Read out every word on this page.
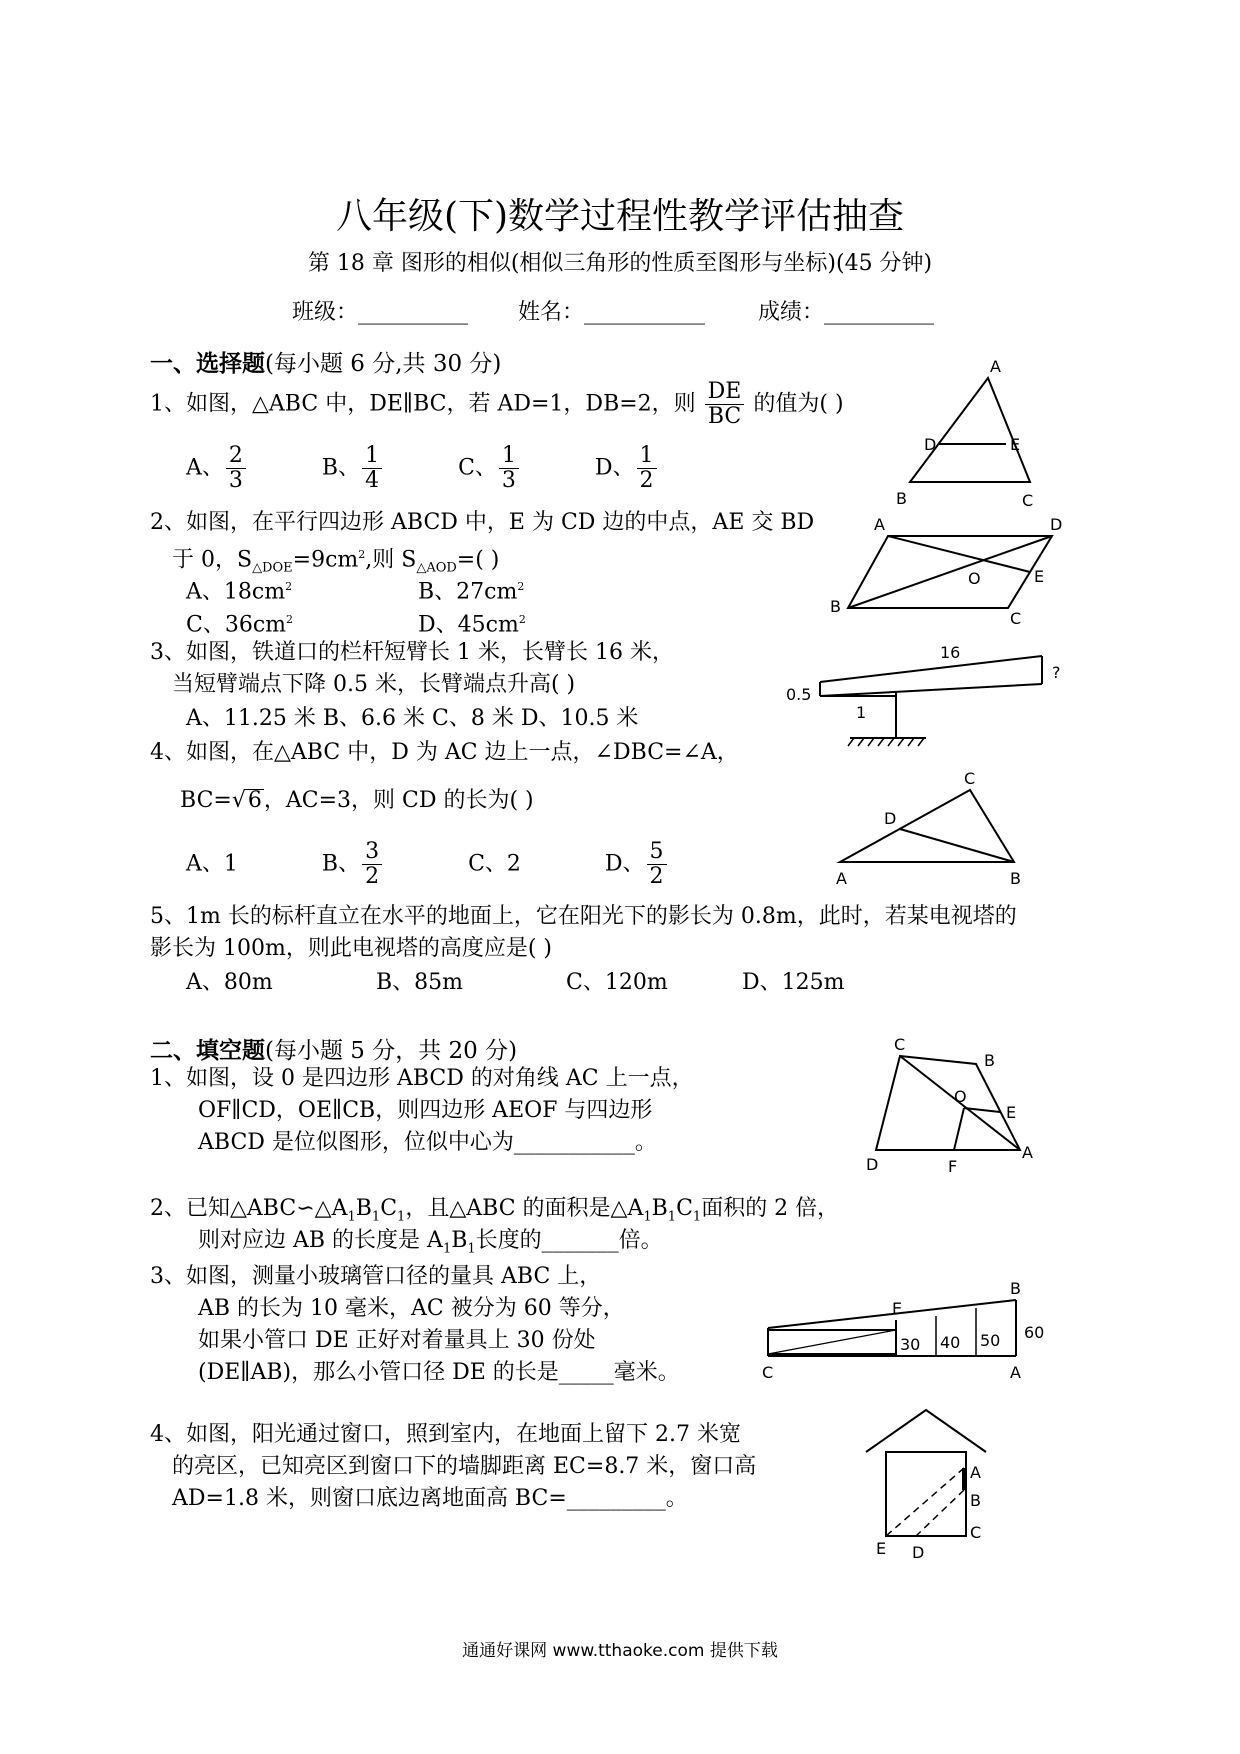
八年级(下)数学过程性教学评估抽查
第 18 章 图形的相似(相似三角形的性质至图形与坐标)(45 分钟)
班级：__________ 姓名：___________ 成绩：__________
一、选择题(每小题 6 分,共 30 分)
1、如图，△ABC 中，DE∥BC，若 AD=1，DB=2，则 $\frac{DE}{BC}$ 的值为( )
A、 $\frac{2}{3}$	B、 $\frac{1}{4}$	C、 $\frac{1}{3}$	D、 $\frac{1}{2}$
A
D	E
B	C
2、如图，在平行四边形 ABCD 中，E 为 CD 边的中点，AE 交 BD
于 0，$S_{\triangle DOE}=9cm^2$,则 $S_{\triangle AOD}=$( )
A、$18cm^2$	B、$27cm^2$
C、$36cm^2$	D、$45cm^2$
A	D
O	E
B
C
3、如图，铁道口的栏杆短臂长 1 米，长臂长 16 米，
当短臂端点下降 0.5 米，长臂端点升高( )
A、11.25 米 B、6.6 米 C、8 米 D、10.5 米
16
?
0.5
1
4、如图，在△ABC 中，D 为 AC 边上一点，∠DBC=∠A，
BC=√6，AC=3，则 CD 的长为( )
A、1	B、 $\frac{3}{2}$	C、2	D、 $\frac{5}{2}$
C
D
A	B
5、1m 长的标杆直立在水平的地面上，它在阳光下的影长为 0.8m，此时，若某电视塔的
影长为 100m，则此电视塔的高度应是( )
A、80m	B、85m	C、120m	D、125m
二、填空题(每小题 5 分，共 20 分)
1、如图，设 0 是四边形 ABCD 的对角线 AC 上一点，
OF∥CD，OE∥CB，则四边形 AEOF 与四边形
ABCD 是位似图形，位似中心为___________。
C
B
O
E
D	F
A
2、已知$\triangle ABC∽\triangle A_1B_1C_1$，且△ABC 的面积是$\triangle A_1B_1C_1$面积的 2 倍，
则对应边 AB 的长度是 $A_1B_1$长度的_______倍。
3、如图，测量小玻璃管口径的量具 ABC 上，
AB 的长为 10 毫米，AC 被分为 60 等分，
如果小管口 DE 正好对着量具上 30 份处
(DE∥AB)，那么小管口径 DE 的长是_____毫米。
E
B
C	A
30 40 50 60
4、如图，阳光通过窗口，照到室内，在地面上留下 2.7 米宽
的亮区，已知亮区到窗口下的墙脚距离 EC=8.7 米，窗口高
AD=1.8 米，则窗口底边离地面高 BC=_________。
A
B
C
E D
通通好课网 www.tthaoke.com 提供下载
